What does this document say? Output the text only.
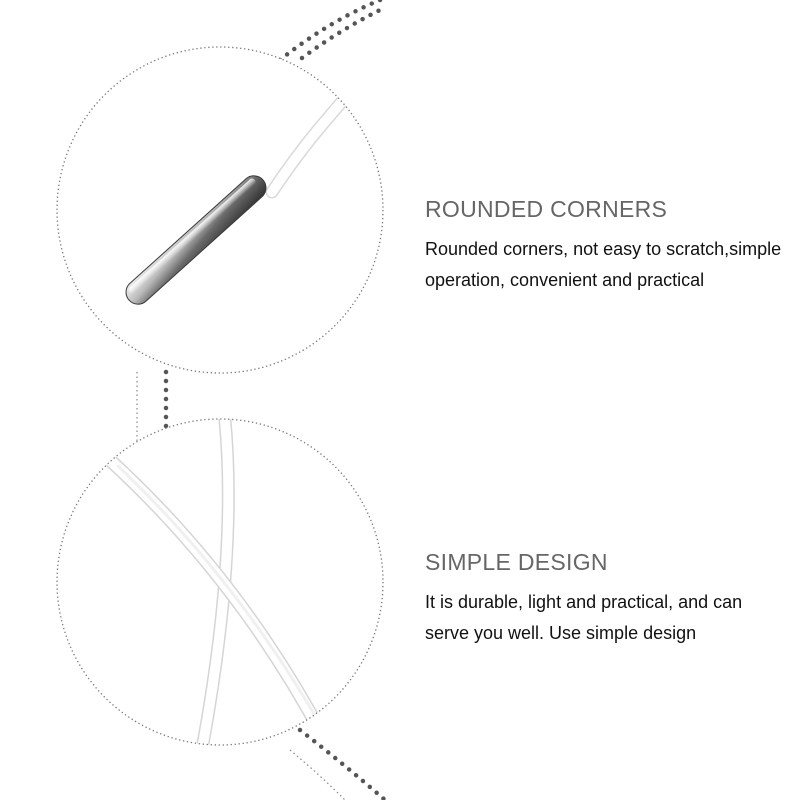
ROUNDED CORNERS

Rounded corners, not easy to scratch,simple operation, convenient and practical

SIMPLE DESIGN

It is durable, light and practical, and can serve you well. Use simple design
